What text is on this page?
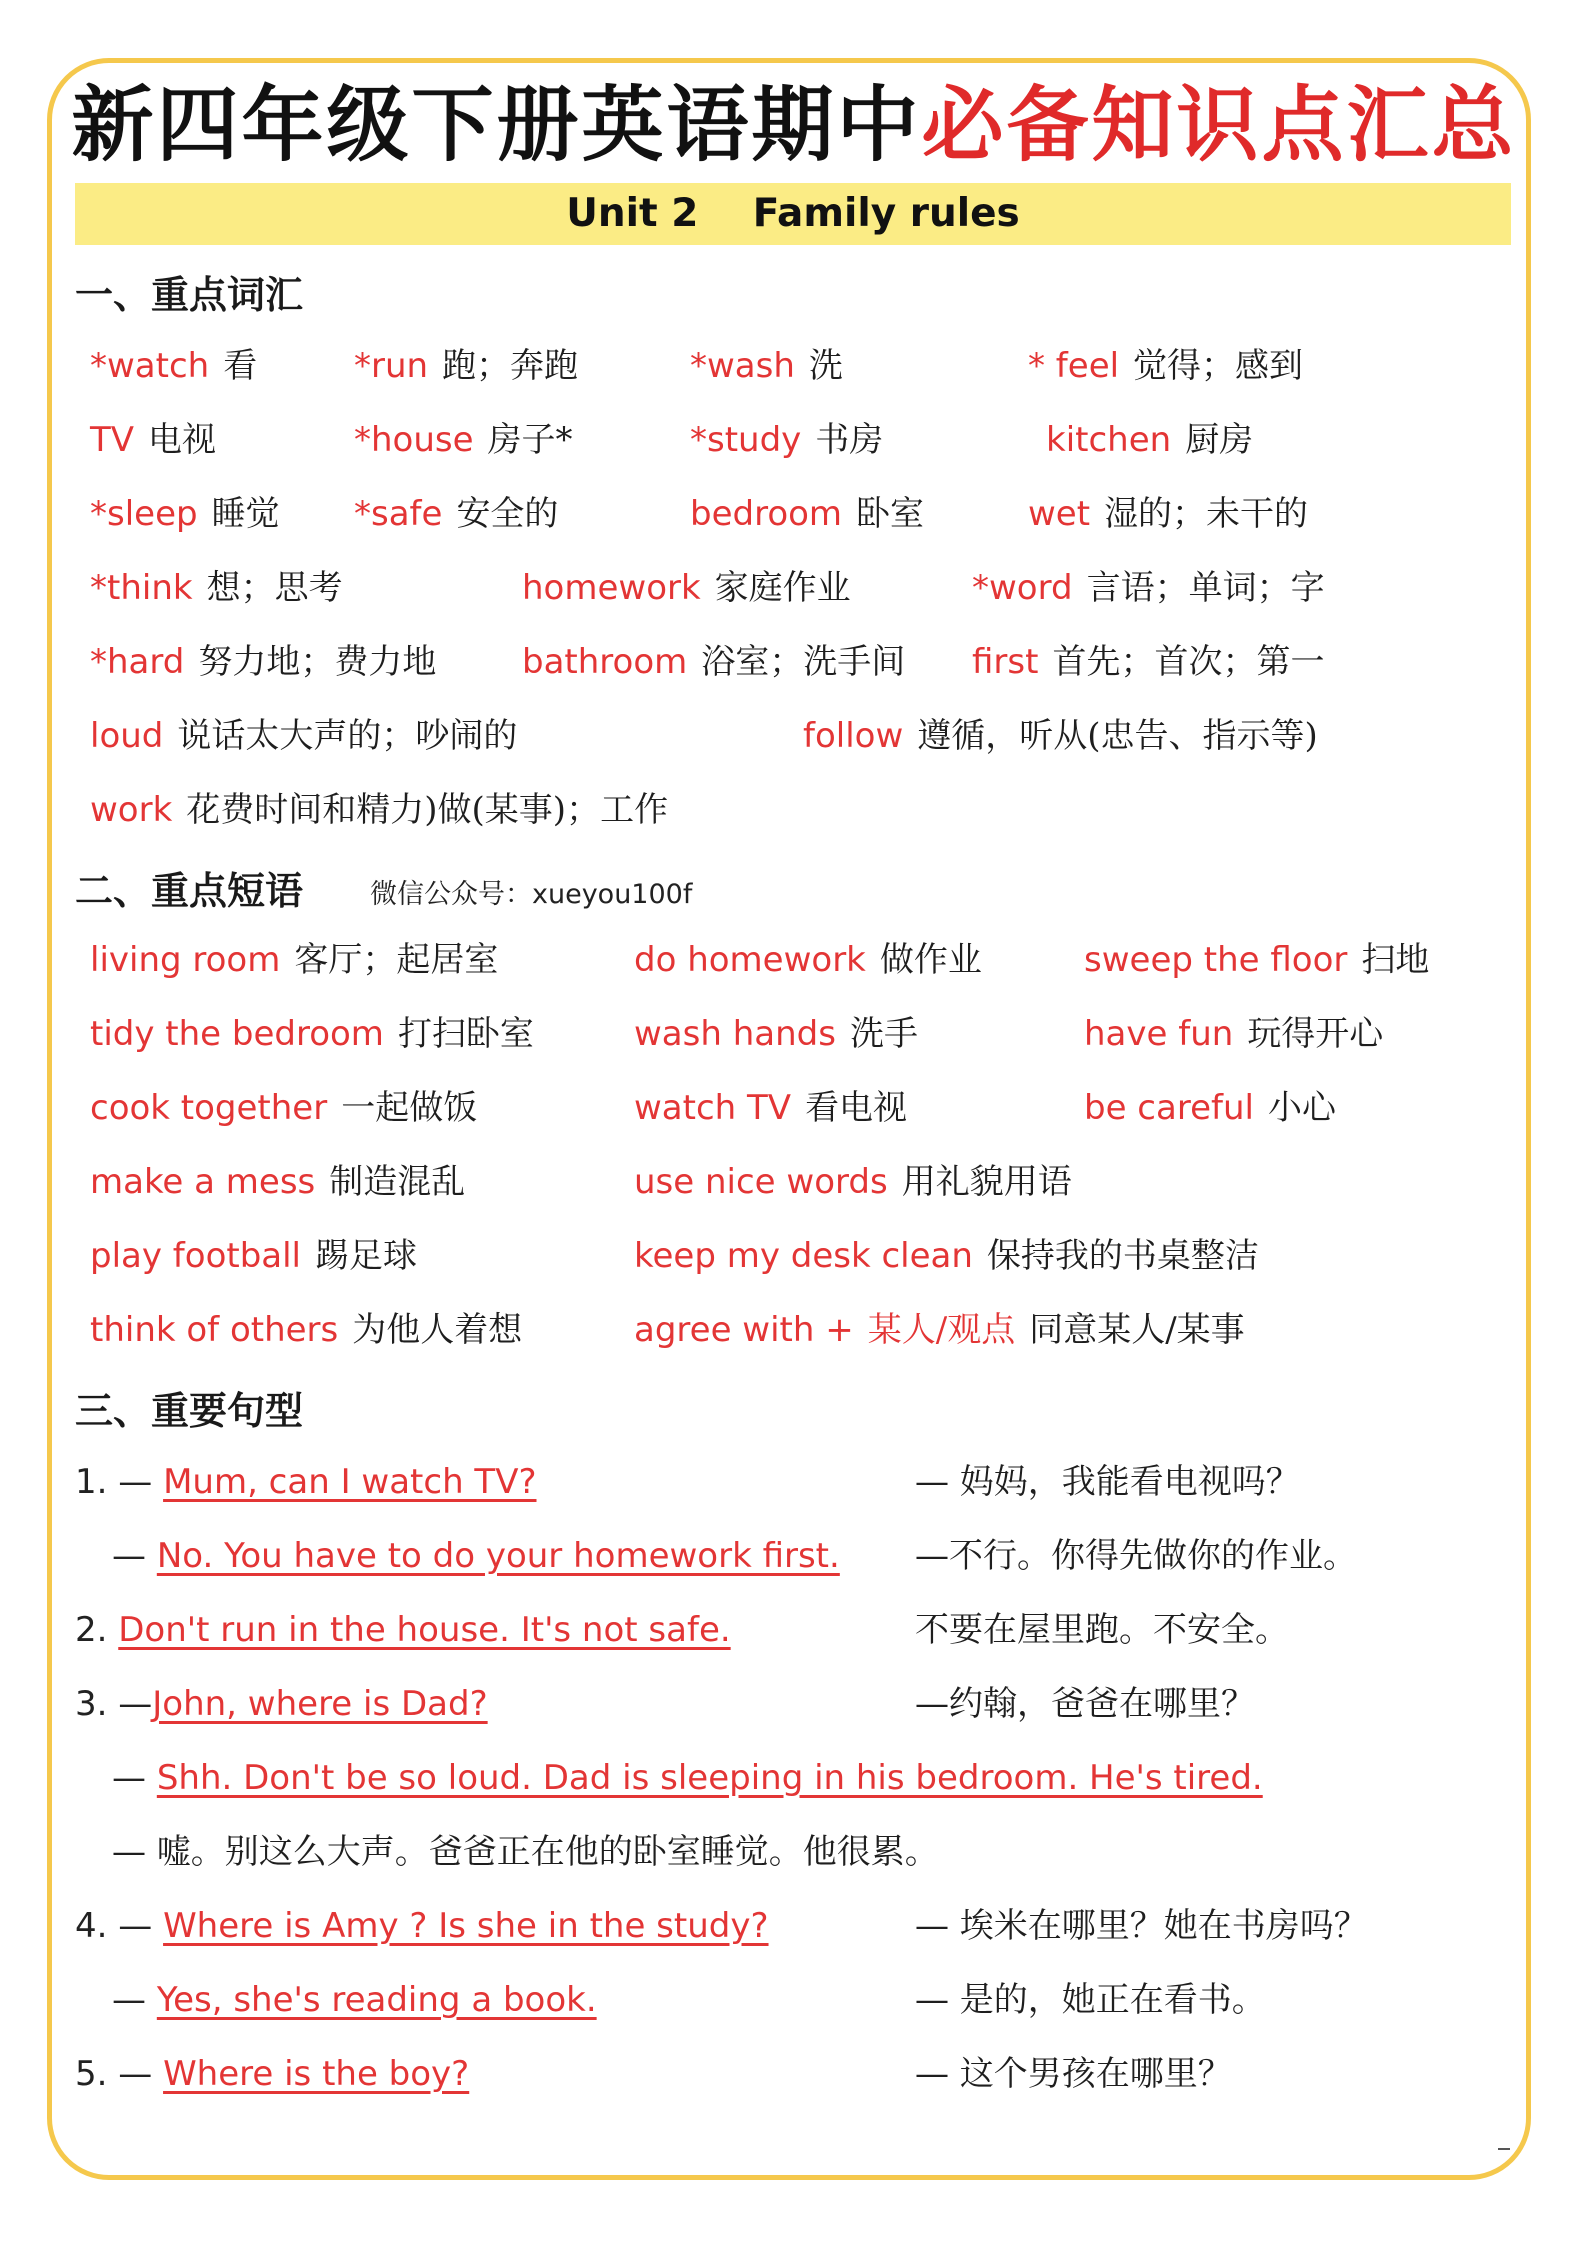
新四年级下册英语期中必备知识点汇总
Unit 2    Family rules
一、重点词汇
*watch 看	*run 跑；奔跑	*wash 洗	* feel 觉得；感到
TV 电视	*house 房子*	*study 书房	kitchen 厨房
*sleep 睡觉 *safe 安全的	bedroom 卧室	wet 湿的；未干的
*think 想；思考	homework 家庭作业	*word 言语；单词；字
*hard 努力地；费力地	bathroom 浴室；洗手间 first 首先；首次；第一
loud 说话太大声的；吵闹的	follow 遵循，听从(忠告、指示等)
work 花费时间和精力)做(某事)；工作
二、重点短语 微信公众号：xueyou100f
living room 客厅；起居室	do homework 做作业	sweep the floor 扫地
tidy the bedroom 打扫卧室	wash hands 洗手	have fun 玩得开心
cook together 一起做饭	watch TV 看电视	be careful 小心
make a mess 制造混乱	use nice words 用礼貌用语
play football 踢足球	keep my desk clean 保持我的书桌整洁
think of others 为他人着想	agree with + 某人/观点 同意某人/某事
三、重要句型
1. — Mum, can I watch TV?	— 妈妈，我能看电视吗？
— No. You have to do your homework first. —不行。你得先做你的作业。
2. Don't run in the house. It's not safe.	不要在屋里跑。不安全。
3. —John, where is Dad?	—约翰，爸爸在哪里？
— Shh. Don't be so loud. Dad is sleeping in his bedroom. He's tired.
— 嘘。别这么大声。爸爸正在他的卧室睡觉。他很累。
4. — Where is Amy ? Is she in the study?	— 埃米在哪里？她在书房吗？
— Yes, she's reading a book.	— 是的，她正在看书。
5. — Where is the boy?	— 这个男孩在哪里？
